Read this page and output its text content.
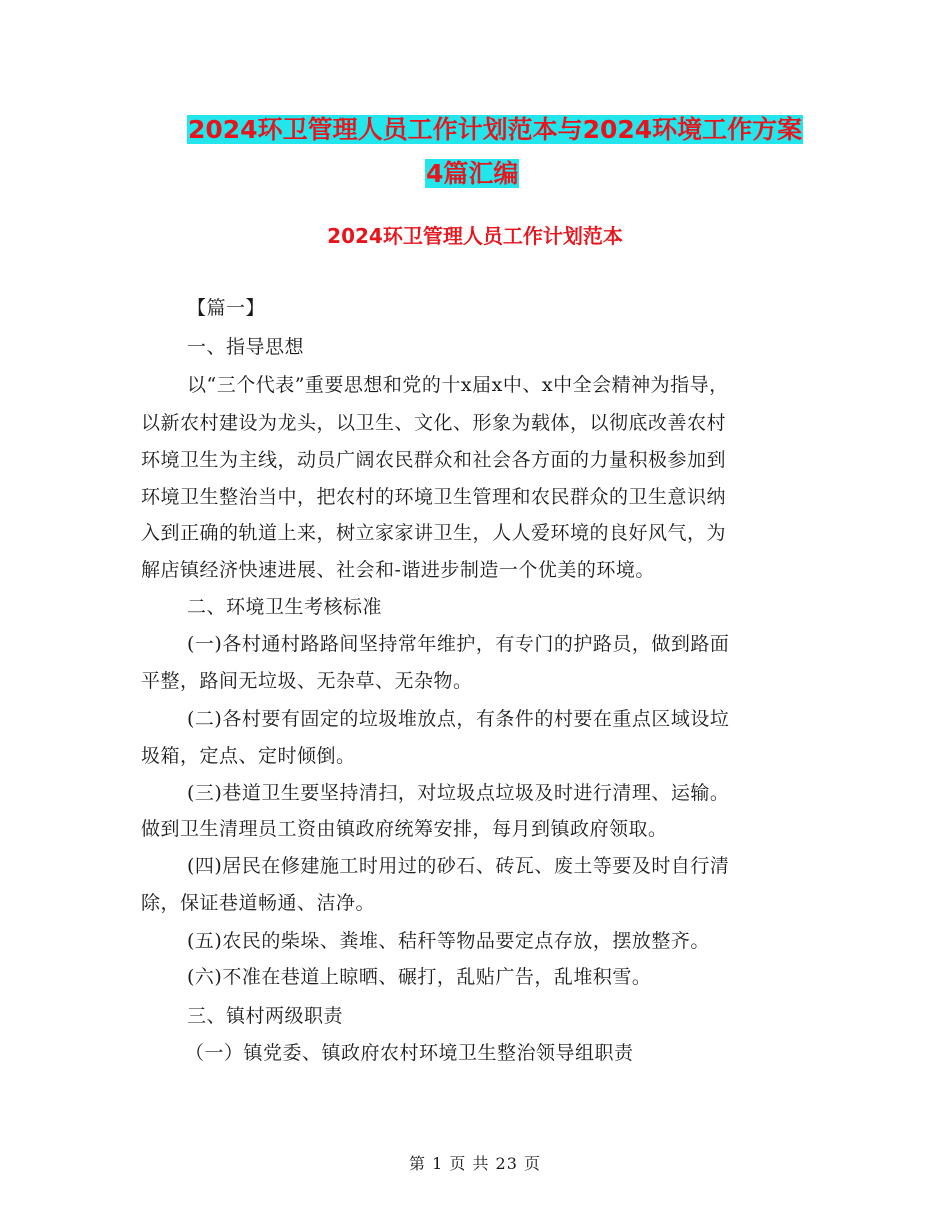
2024环卫管理人员工作计划范本与2024环境工作方案
4篇汇编
2024环卫管理人员工作计划范本
【篇一】
一、指导思想
以“三个代表”重要思想和党的十x届x中、x中全会精神为指导，
以新农村建设为龙头，以卫生、文化、形象为载体，以彻底改善农村
环境卫生为主线，动员广阔农民群众和社会各方面的力量积极参加到
环境卫生整治当中，把农村的环境卫生管理和农民群众的卫生意识纳
入到正确的轨道上来，树立家家讲卫生，人人爱环境的良好风气，为
解店镇经济快速进展、社会和-谐进步制造一个优美的环境。
二、环境卫生考核标准
(一)各村通村路路间坚持常年维护，有专门的护路员，做到路面
平整，路间无垃圾、无杂草、无杂物。
(二)各村要有固定的垃圾堆放点，有条件的村要在重点区域设垃
圾箱，定点、定时倾倒。
(三)巷道卫生要坚持清扫，对垃圾点垃圾及时进行清理、运输。
做到卫生清理员工资由镇政府统筹安排，每月到镇政府领取。
(四)居民在修建施工时用过的砂石、砖瓦、废土等要及时自行清
除，保证巷道畅通、洁净。
(五)农民的柴垛、粪堆、秸秆等物品要定点存放，摆放整齐。
(六)不准在巷道上晾晒、碾打，乱贴广告，乱堆积雪。
三、镇村两级职责
（一）镇党委、镇政府农村环境卫生整治领导组职责
第 1 页 共 23 页
